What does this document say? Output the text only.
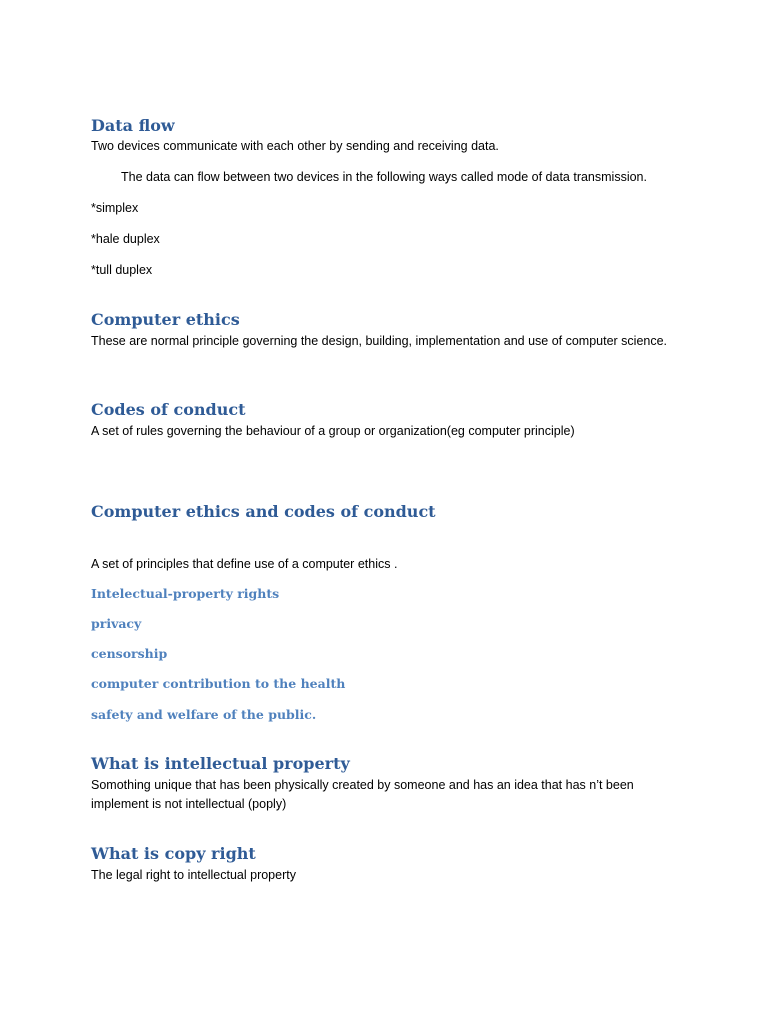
Data flow

Two devices communicate with each other by sending and receiving data.

The data can flow between two devices in the following ways called mode of data transmission.

*simplex

*hale duplex

*tull duplex

Computer ethics

These are normal principle governing the design, building, implementation and use of computer science.

Codes of conduct

A set of rules governing the behaviour of a group or organization(eg computer principle)

Computer ethics and codes of conduct

A set of principles that define use of a computer ethics .

Intelectual-property rights
privacy
censorship
computer contribution to the health
safety and welfare of the public.
What is intellectual property

Somothing unique that has been physically created by someone and has an idea that has n’t been implement is not intellectual (poply)

What is copy right

The legal right to intellectual property
